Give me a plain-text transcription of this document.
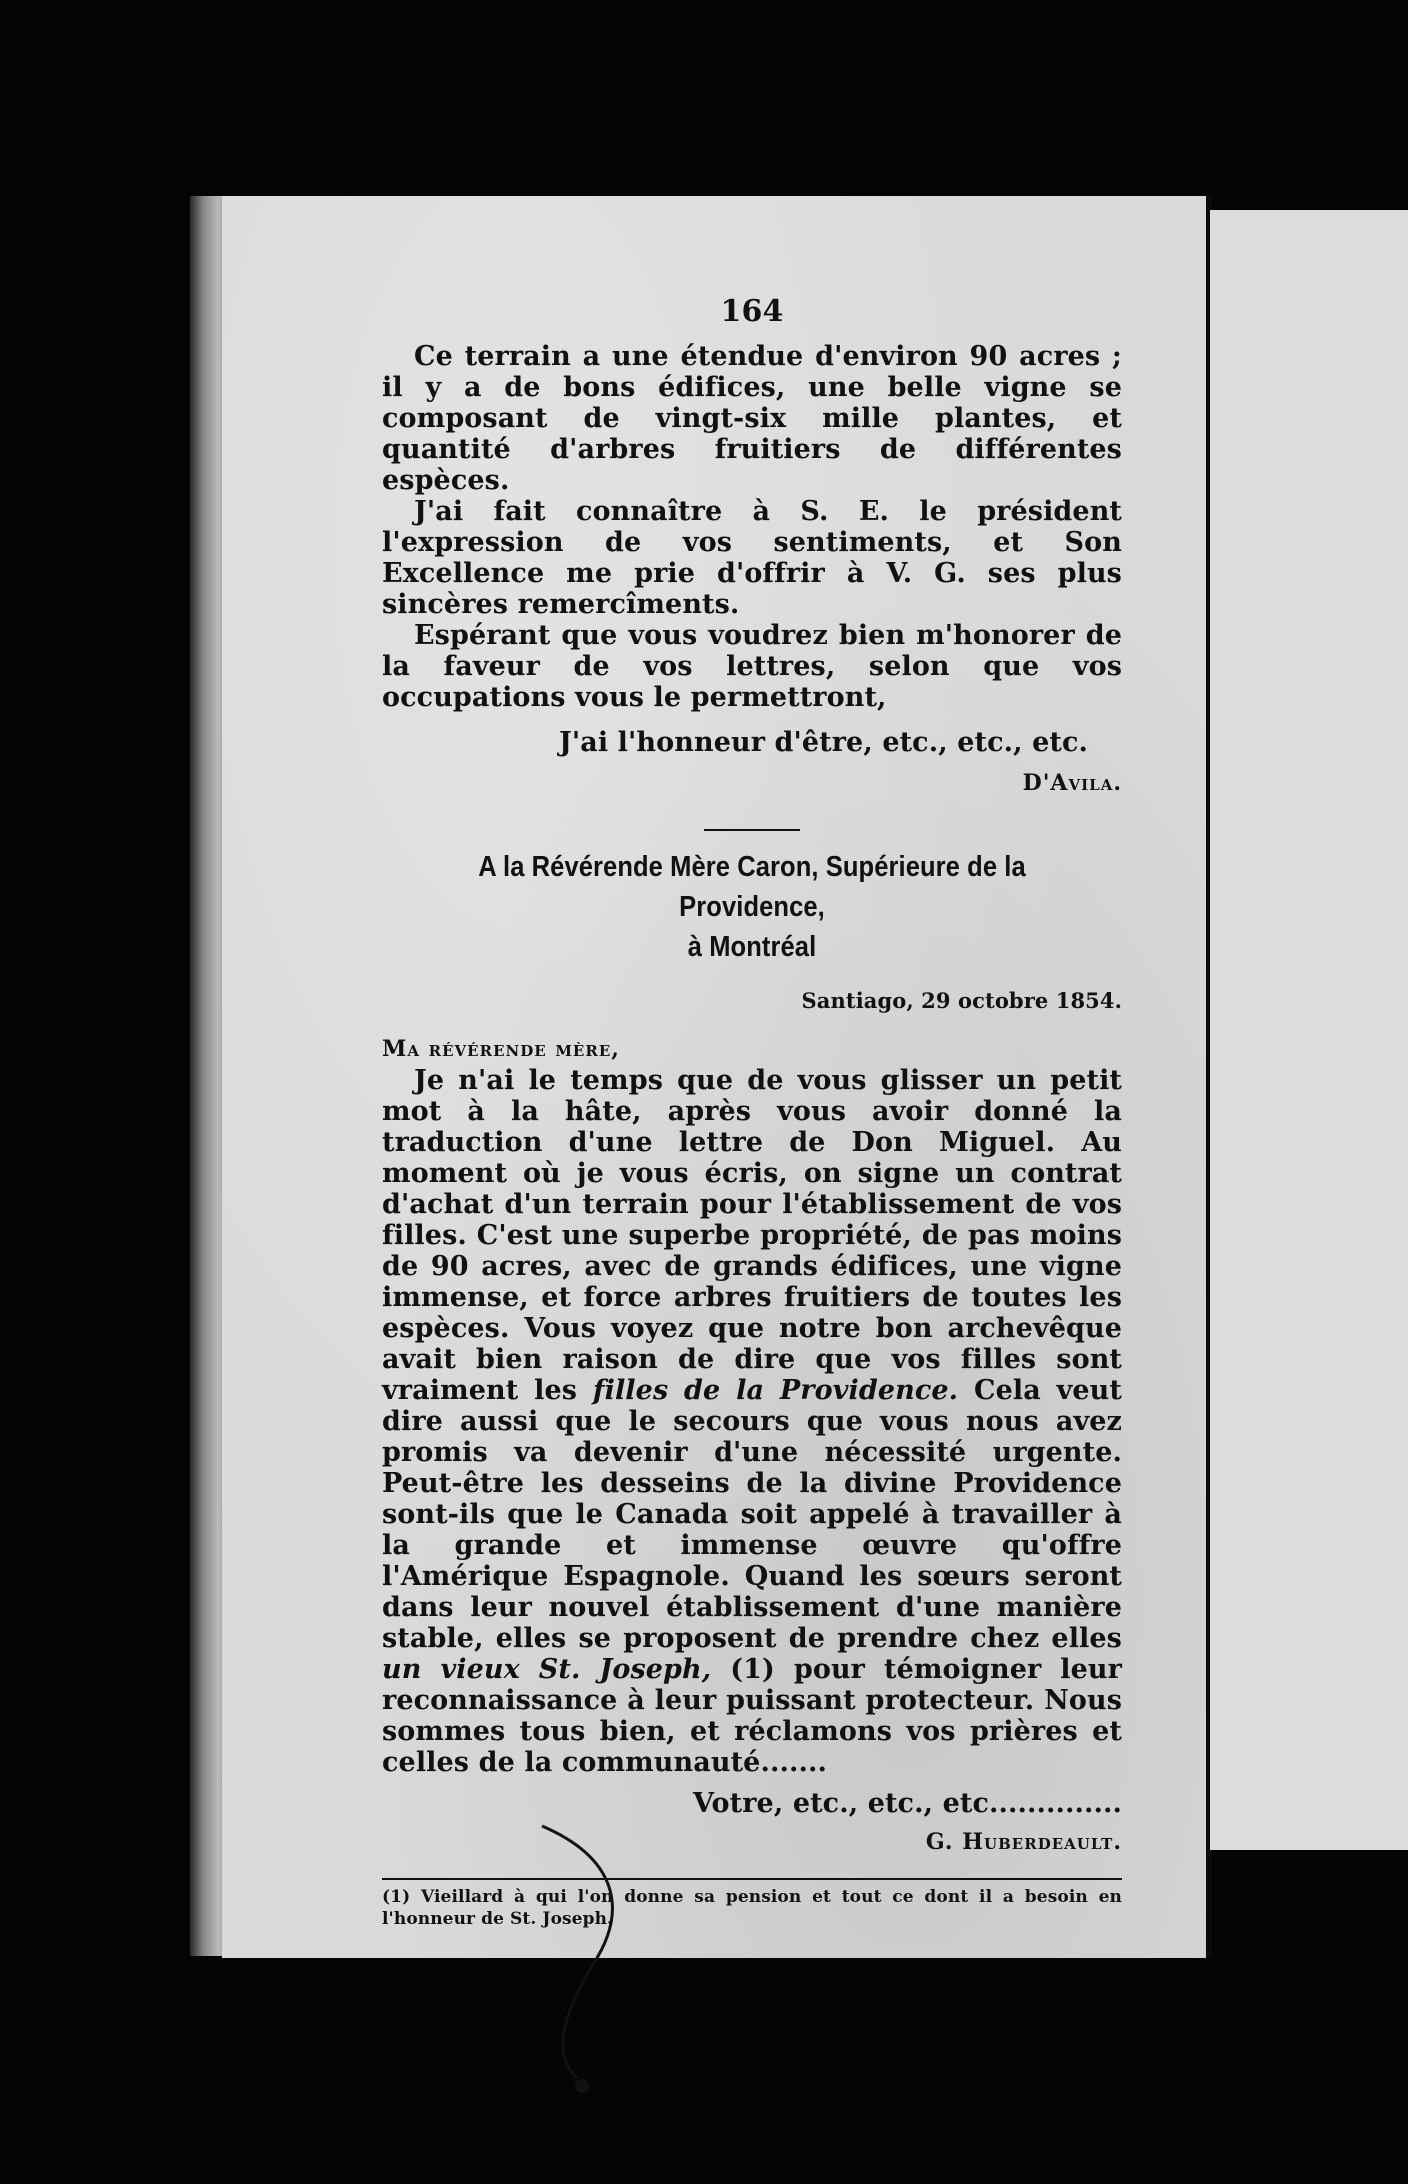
164

Ce terrain a une étendue d'environ 90 acres ; il y a de bons édifices, une belle vigne se composant de vingt-six mille plantes, et quantité d'arbres fruitiers de différentes espèces.

J'ai fait connaître à S. E. le président l'expression de vos sentiments, et Son Excellence me prie d'offrir à V. G. ses plus sincères remercîments.

Espérant que vous voudrez bien m'honorer de la faveur de vos lettres, selon que vos occupations vous le permettront,

J'ai l'honneur d'être, etc., etc., etc.
D'Avila.
A la Révérende Mère Caron, Supérieure de la Providence,
à Montréal
Santiago, 29 octobre 1854.
Ma révérende mère,

Je n'ai le temps que de vous glisser un petit mot à la hâte, après vous avoir donné la traduction d'une lettre de Don Miguel. Au moment où je vous écris, on signe un contrat d'achat d'un terrain pour l'établissement de vos filles. C'est une superbe propriété, de pas moins de 90 acres, avec de grands édifices, une vigne immense, et force arbres fruitiers de toutes les espèces. Vous voyez que notre bon archevêque avait bien raison de dire que vos filles sont vraiment les filles de la Providence. Cela veut dire aussi que le secours que vous nous avez promis va devenir d'une nécessité urgente. Peut-être les desseins de la divine Providence sont-ils que le Canada soit appelé à travailler à la grande et immense œuvre qu'offre l'Amérique Espagnole. Quand les sœurs seront dans leur nouvel établissement d'une manière stable, elles se proposent de prendre chez elles un vieux St. Joseph, (1) pour témoigner leur reconnaissance à leur puissant protecteur. Nous sommes tous bien, et réclamons vos prières et celles de la communauté.......

Votre, etc., etc., etc..............
G. Huberdeault.
(1) Vieillard à qui l'on donne sa pension et tout ce dont il a besoin en l'honneur de St. Joseph.
